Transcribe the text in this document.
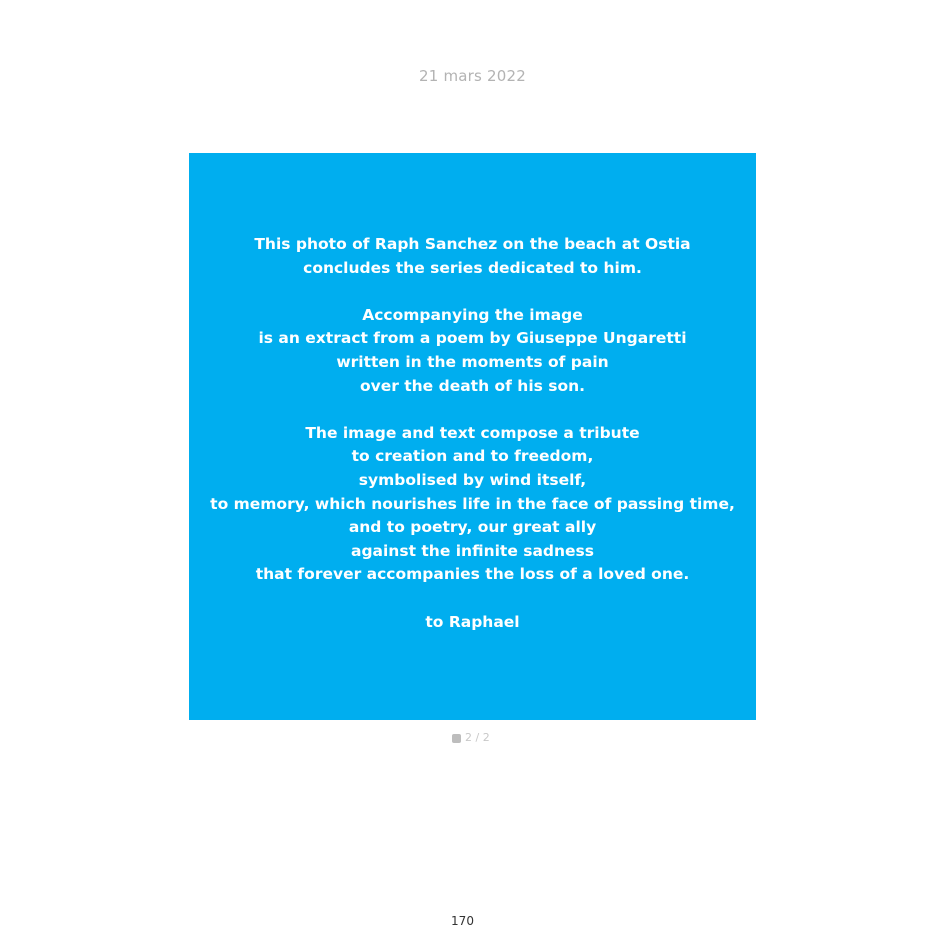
21 mars 2022
This photo of Raph Sanchez on the beach at Ostia
concludes the series dedicated to him.
Accompanying the image
is an extract from a poem by Giuseppe Ungaretti
written in the moments of pain
over the death of his son.
The image and text compose a tribute
to creation and to freedom,
symbolised by wind itself,
to memory, which nourishes life in the face of passing time,
and to poetry, our great ally
against the infinite sadness
that forever accompanies the loss of a loved one.
to Raphael
2 / 2
170
